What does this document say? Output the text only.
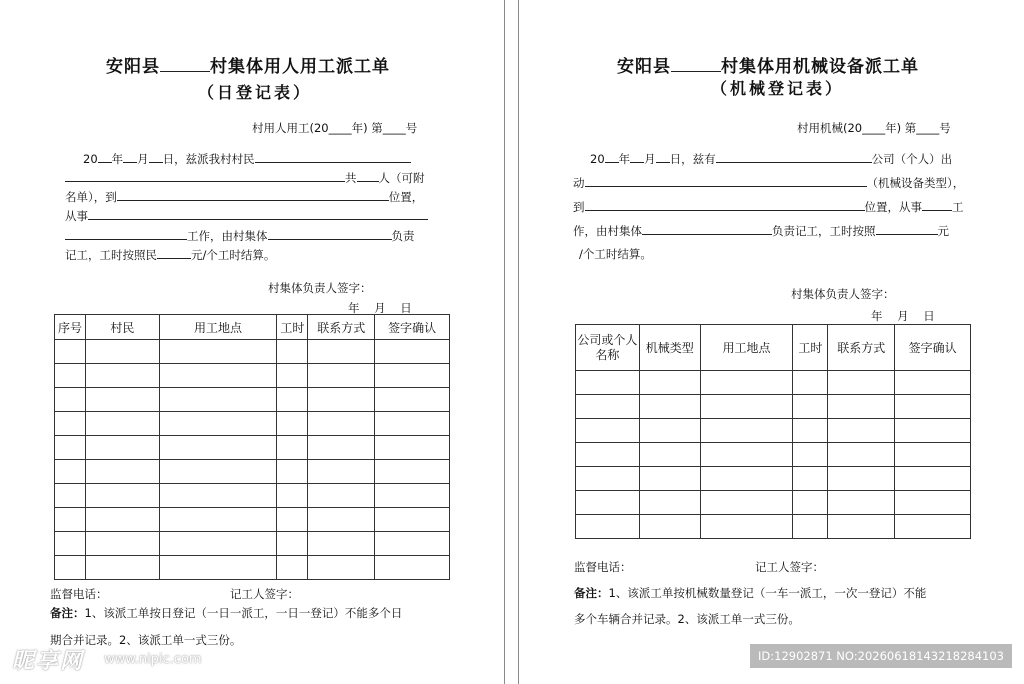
安阳县	村集体用人用工派工单
（日登记表）
村用人用工(20____年) 第____号
20 年 月 日，兹派我村村民
共 人（可附
名单），到	位置，
从事
工作，由村集体	负责
记工，工时按照民	元/个工时结算。
村集体负责人签字：
年    月    日
序号	村民	用工地点	工时	联系方式	签字确认

监督电话：	记工人签字：
备注：1、该派工单按日登记（一日一派工，一日一登记）不能多个日
期合并记录。2、该派工单一式三份。
安阳县	村集体用机械设备派工单
（机械登记表）
村用机械(20____年) 第____号
20 年 月 日，兹有	公司（个人）出
动	（机械设备类型），
到	位置，从事	工
作，由村集体	负责记工，工时按照	元
/个工时结算。
村集体负责人签字：
年    月    日
公司或个人名称	机械类型	用工地点	工时	联系方式	签字确认

监督电话：	记工人签字：
备注：1、该派工单按机械数量登记（一车一派工，一次一登记）不能
多个车辆合并记录。2、该派工单一式三份。
昵享网 www.nipic.com	ID:12902871 NO:20260618143218284103
